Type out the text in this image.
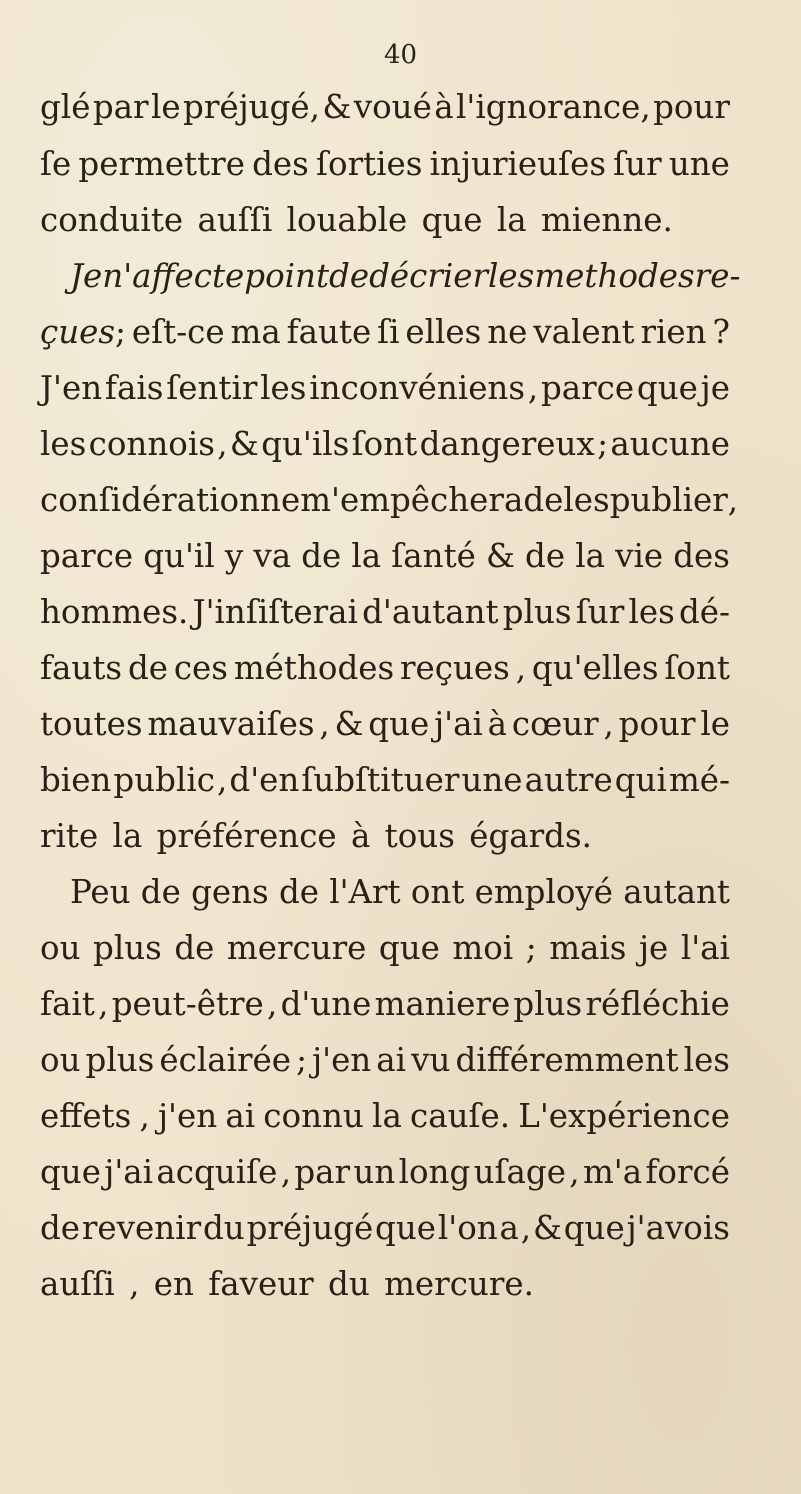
40
glé par le préjugé, & voué à l'ignorance, pour
ſe permettre des ſorties injurieuſes ſur une
conduite auſſi louable que la mienne.
Je n'affecte point de décrier les methodes re-
çues ; eſt-ce ma faute ſi elles ne valent rien ?
J'en fais ſentir les inconvéniens , parce que je
les connois , & qu'ils ſont dangereux ; aucune
conſidération ne m'empêchera de les publier ,
parce qu'il y va de la ſanté & de la vie des
hommes. J'inſiſterai d'autant plus ſur les dé-
fauts de ces méthodes reçues , qu'elles ſont
toutes mauvaiſes , & que j'ai à cœur , pour le
bien public , d'en ſubſtituer une autre qui mé-
rite la préférence à tous égards.
Peu de gens de l'Art ont employé autant
ou plus de mercure que moi ; mais je l'ai
fait , peut-être , d'une maniere plus réfléchie
ou plus éclairée ; j'en ai vu différemment les
effets , j'en ai connu la cauſe. L'expérience
que j'ai acquiſe , par un long uſage , m'a forcé
de revenir du préjugé que l'on a , & que j'avois
auſſi , en faveur du mercure.
